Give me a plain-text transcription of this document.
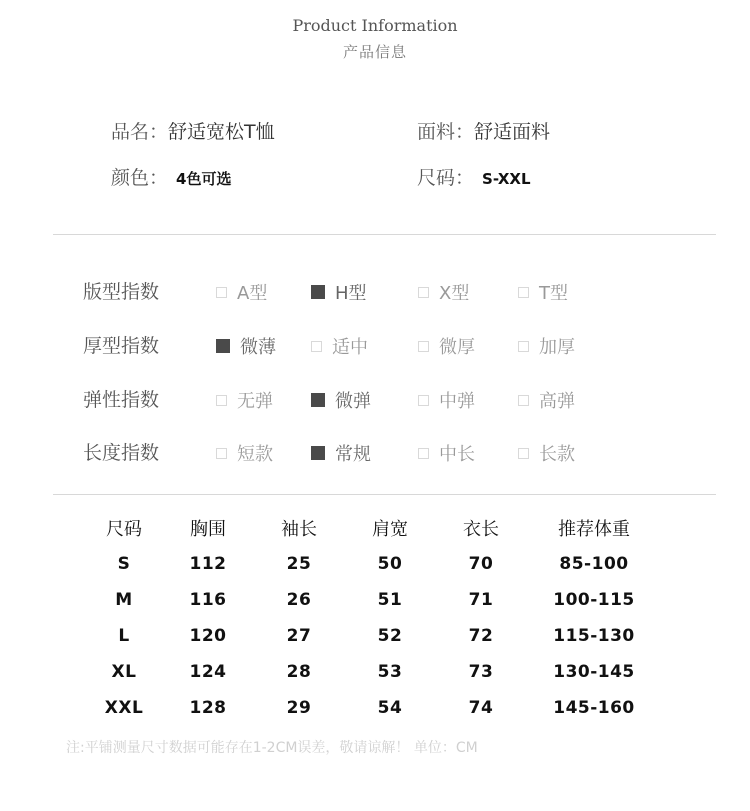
Product Information
产品信息
品名： 舒适宽松T恤	面料： 舒适面料
颜色： 4色可选	尺码： S-XXL
版型指数	A型	H型	X型	T型
厚型指数	微薄	适中	微厚	加厚
弹性指数	无弹	微弹	中弹	高弹
长度指数	短款	常规	中长	长款
尺码	胸围	袖长	肩宽	衣长	推荐体重
S	112	25	50	70	85-100
M	116	26	51	71	100-115
L	120	27	52	72	115-130
XL	124	28	53	73	130-145
XXL	128	29	54	74	145-160
注:平铺测量尺寸数据可能存在1-2CM误差，敬请谅解！ 单位：CM
